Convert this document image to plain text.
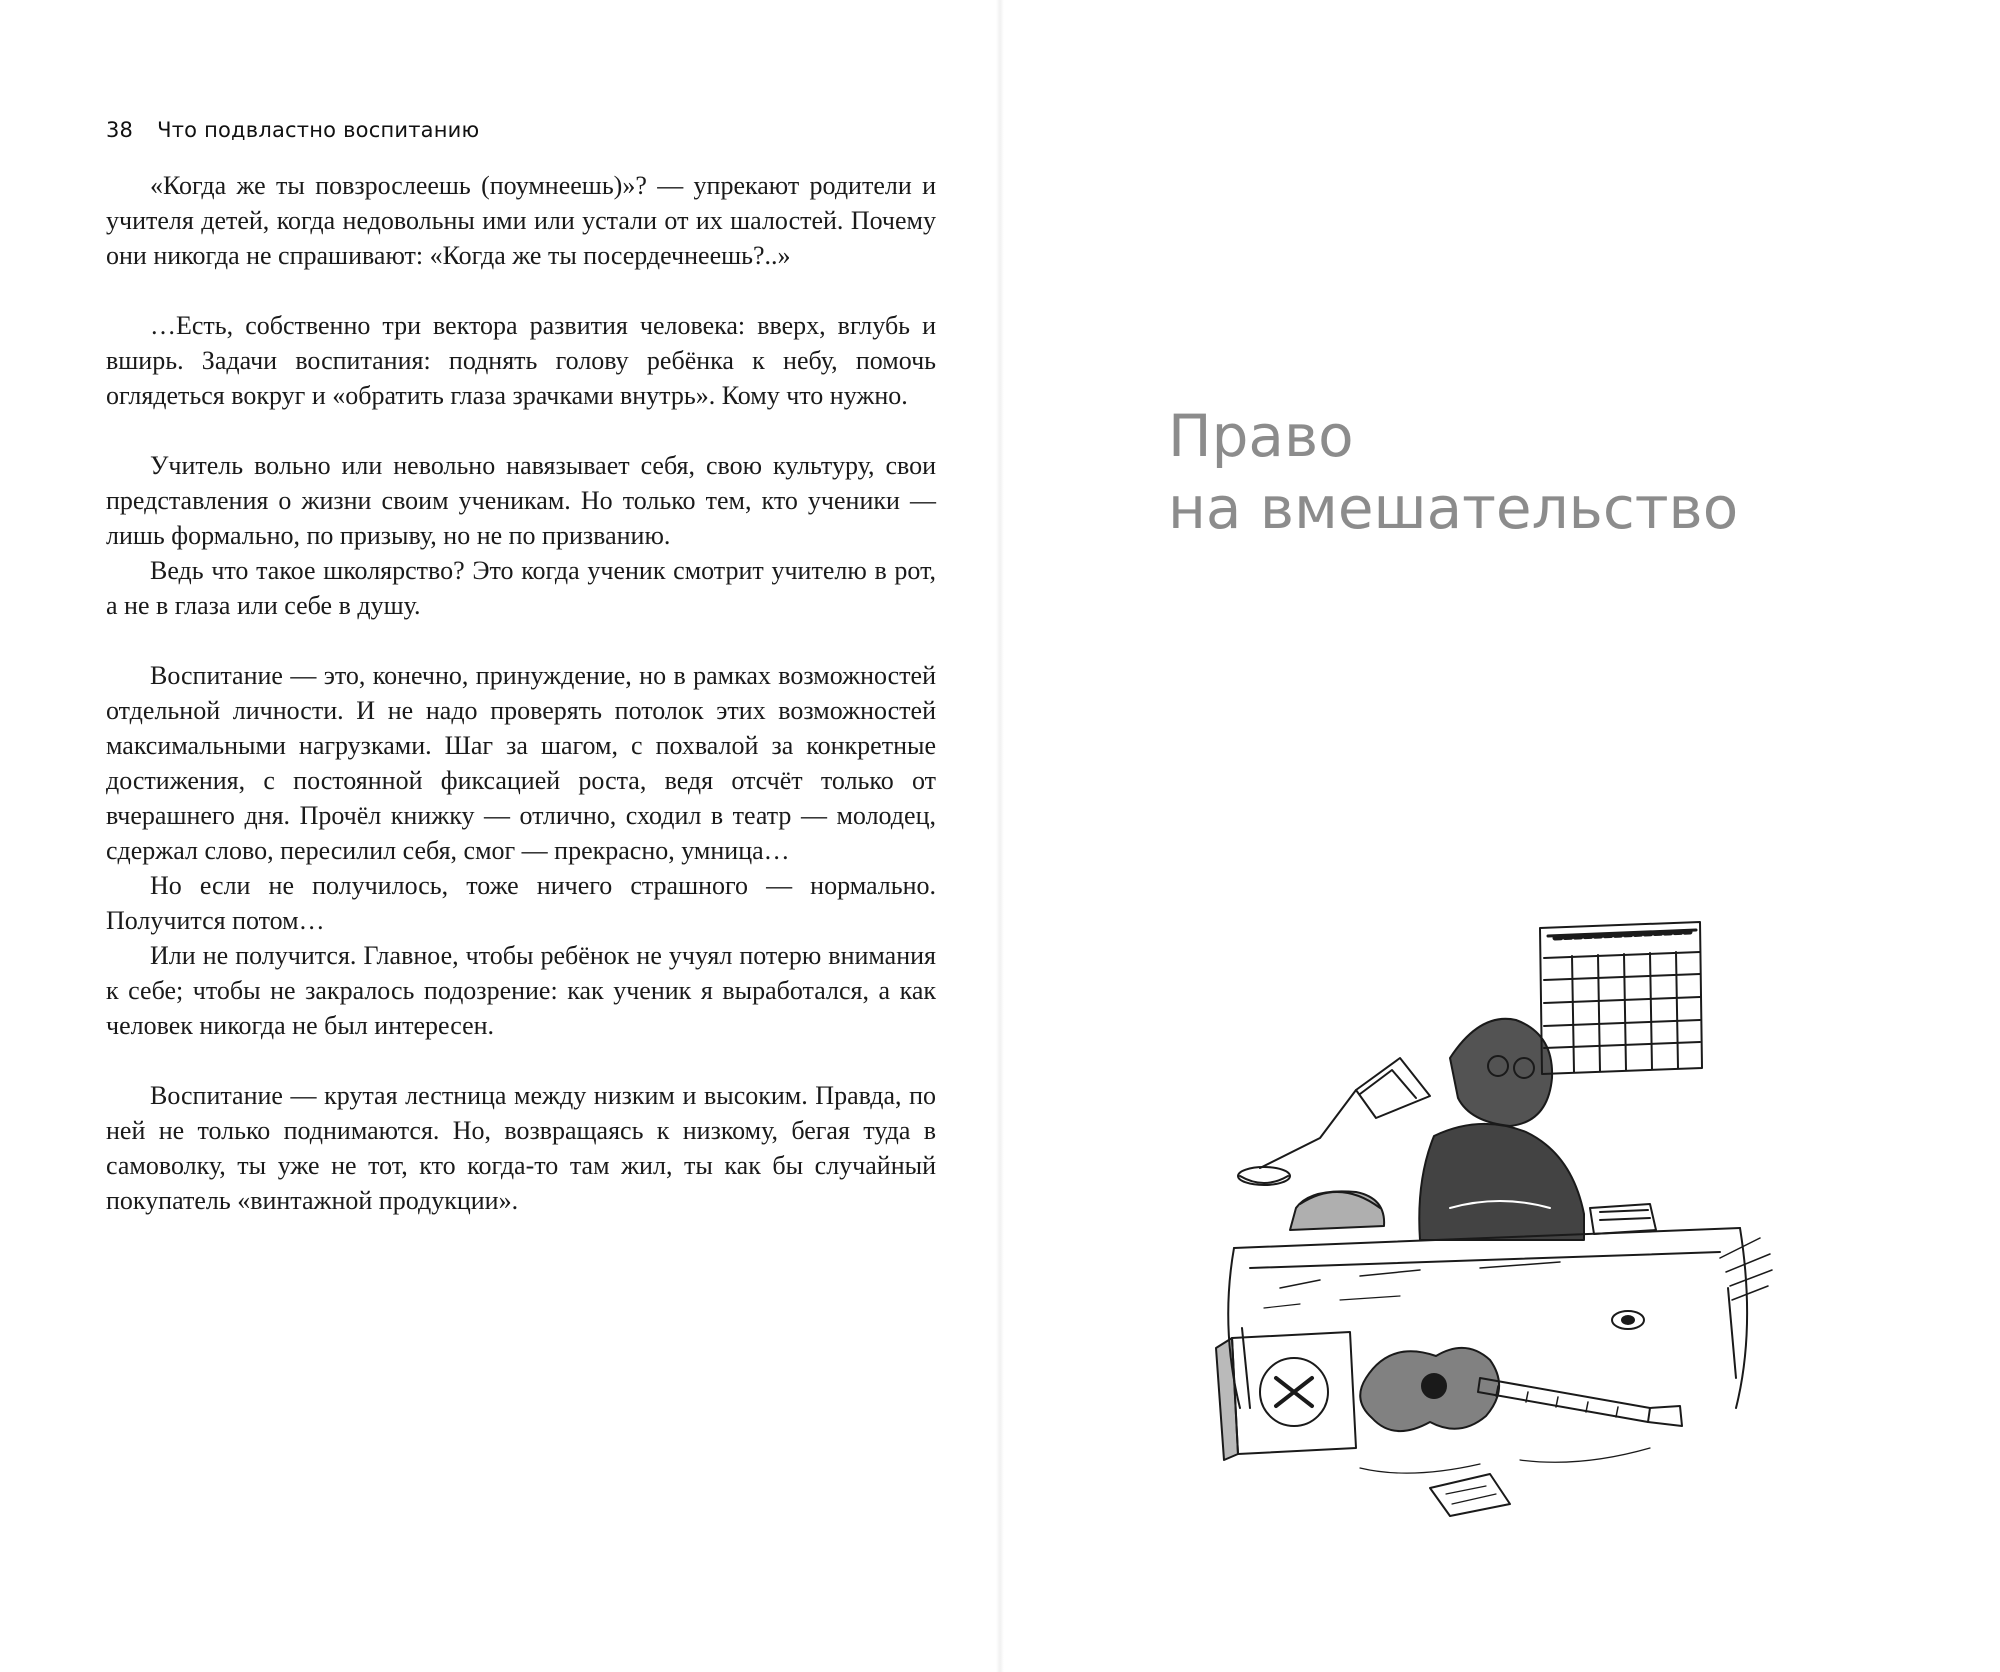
38 Что подвластно воспитанию

«Когда же ты повзрослеешь (поумнеешь)»? — упрекают родители и учителя детей, когда недовольны ими или устали от их шалостей. Почему они никогда не спрашивают: «Когда же ты посердечнеешь?..»

…Есть, собственно три вектора развития человека: вверх, вглубь и вширь. Задачи воспитания: поднять голову ребёнка к небу, помочь оглядеться вокруг и «обратить глаза зрачками внутрь». Кому что нужно.

Учитель вольно или невольно навязывает себя, свою культуру, свои представления о жизни своим ученикам. Но только тем, кто ученики — лишь формально, по призыву, но не по призванию.

Ведь что такое школярство? Это когда ученик смотрит учителю в рот, а не в глаза или себе в душу.

Воспитание — это, конечно, принуждение, но в рамках возможностей отдельной личности. И не надо проверять потолок этих возможностей максимальными нагрузками. Шаг за шагом, с похвалой за конкретные достижения, с постоянной фиксацией роста, ведя отсчёт только от вчерашнего дня. Прочёл книжку — отлично, сходил в театр — молодец, сдержал слово, пересилил себя, смог — прекрасно, умница…

Но если не получилось, тоже ничего страшного — нормально. Получится потом…

Или не получится. Главное, чтобы ребёнок не учуял потерю внимания к себе; чтобы не закралось подозрение: как ученик я выработался, а как человек никогда не был интересен.

Воспитание — крутая лестница между низким и высоким. Правда, по ней не только поднимаются. Но, возвращаясь к низкому, бегая туда в самоволку, ты уже не тот, кто когда-то там жил, ты как бы случайный покупатель «винтажной продукции».

Право
на вмешательство
